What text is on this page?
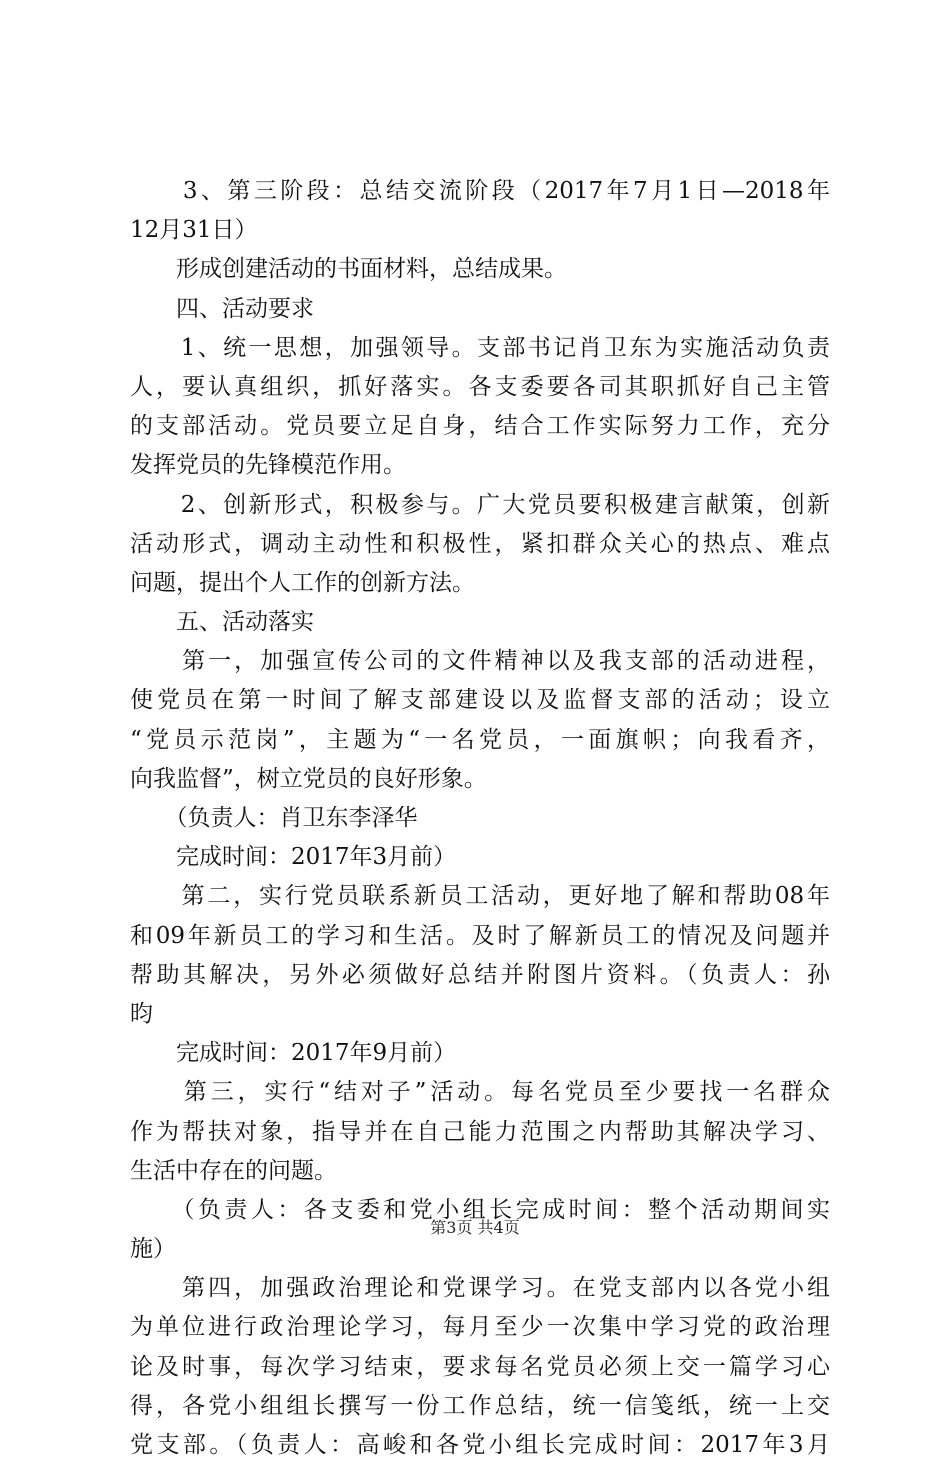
　　3、第三阶段：总结交流阶段（2017年7月1日—2018年
12月31日）
　　形成创建活动的书面材料，总结成果。
　　四、活动要求
　　1、统一思想，加强领导。支部书记肖卫东为实施活动负责
人，要认真组织，抓好落实。各支委要各司其职抓好自己主管
的支部活动。党员要立足自身，结合工作实际努力工作，充分
发挥党员的先锋模范作用。
　　2、创新形式，积极参与。广大党员要积极建言献策，创新
活动形式，调动主动性和积极性，紧扣群众关心的热点、难点
问题，提出个人工作的创新方法。
　　五、活动落实
　　第一，加强宣传公司的文件精神以及我支部的活动进程，
使党员在第一时间了解支部建设以及监督支部的活动；设立
“党员示范岗”，主题为“一名党员，一面旗帜；向我看齐，
向我监督”，树立党员的良好形象。
　　（负责人：肖卫东李泽华
　　完成时间：2017年3月前）
　　第二，实行党员联系新员工活动，更好地了解和帮助08年
和09年新员工的学习和生活。及时了解新员工的情况及问题并
帮助其解决，另外必须做好总结并附图片资料。（负责人：孙
昀
　　完成时间：2017年9月前）
　　第三，实行“结对子”活动。每名党员至少要找一名群众
作为帮扶对象，指导并在自己能力范围之内帮助其解决学习、
生活中存在的问题。
　　（负责人：各支委和党小组长完成时间：整个活动期间实
施）
　　第四，加强政治理论和党课学习。在党支部内以各党小组
为单位进行政治理论学习，每月至少一次集中学习党的政治理
论及时事，每次学习结束，要求每名党员必须上交一篇学习心
得，各党小组组长撰写一份工作总结，统一信笺纸，统一上交
党支部。（负责人：高峻和各党小组长完成时间：2017年3月
第3页 共4页
